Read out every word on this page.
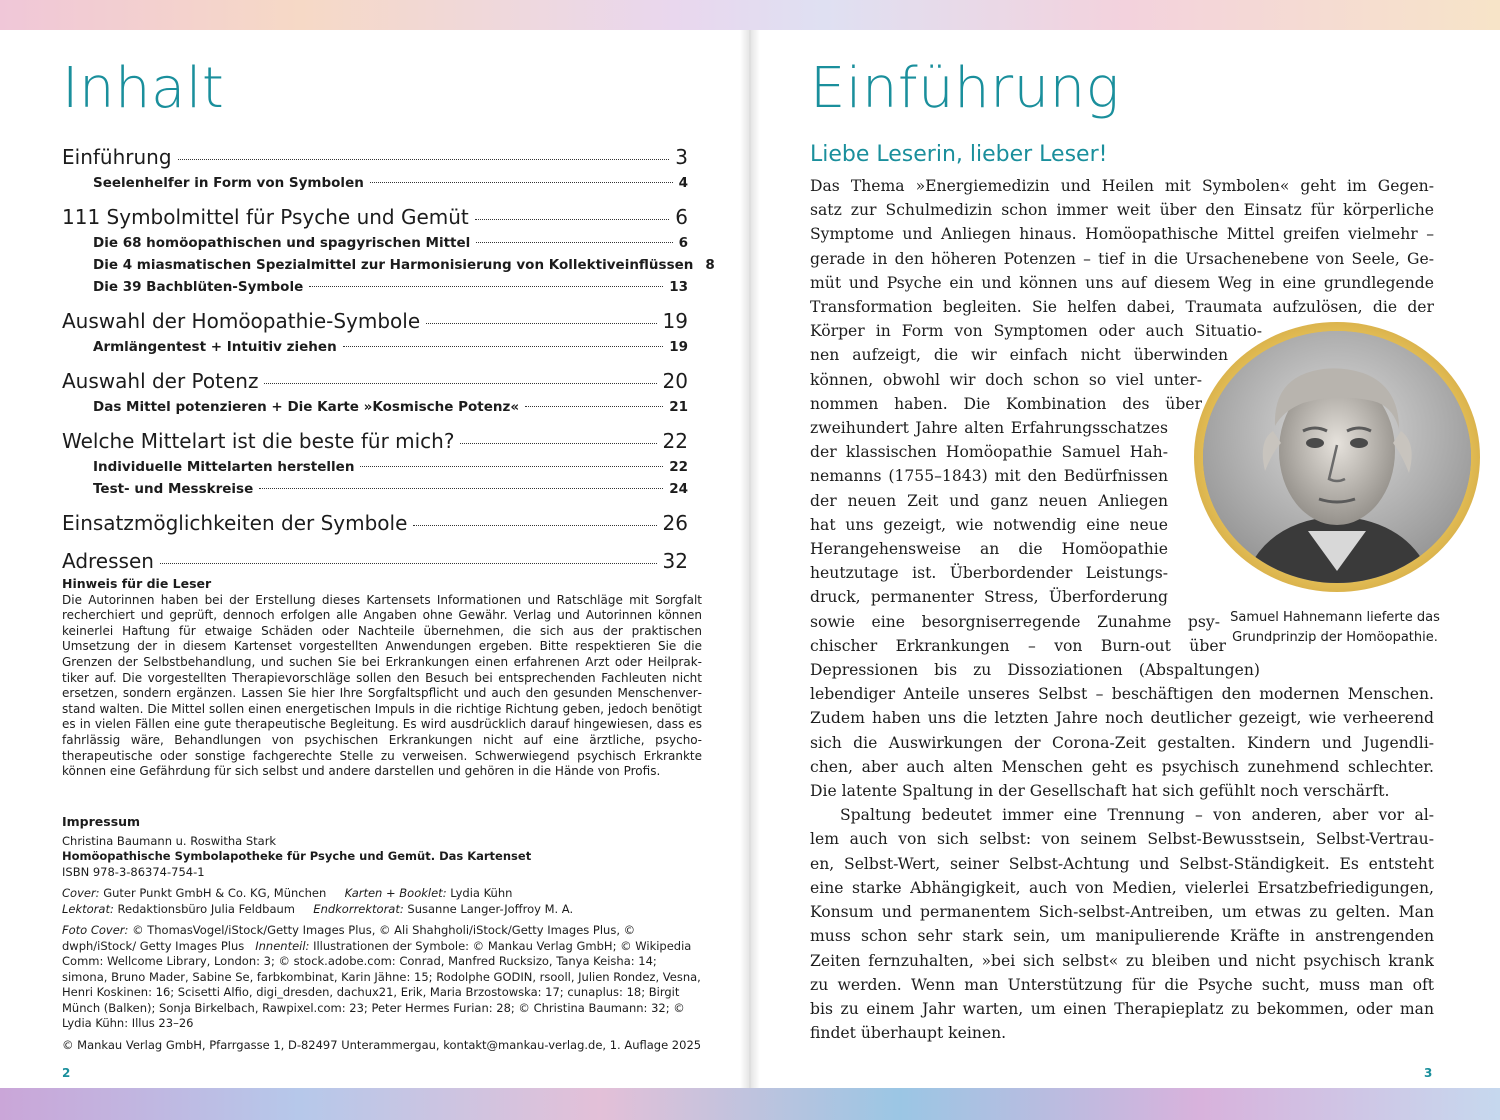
Inhalt
Einführung	3
Seelenhelfer in Form von Symbolen	4
111 Symbolmittel für Psyche und Gemüt	6
Die 68 homöopathischen und spagyrischen Mittel	6
Die 4 miasmatischen Spezialmittel zur Harmonisierung von Kollektiveinflüssen 8
Die 39 Bachblüten-Symbole	13
Auswahl der Homöopathie-Symbole	19
Armlängentest + Intuitiv ziehen	19
Auswahl der Potenz	20
Das Mittel potenzieren + Die Karte »Kosmische Potenz«	21
Welche Mittelart ist die beste für mich?	22
Individuelle Mittelarten herstellen	22
Test- und Messkreise	24
Einsatzmöglichkeiten der Symbole	26
Adressen	32
Hinweis für die Leser

Die Autorinnen haben bei der Erstellung dieses Kartensets Informationen und Ratschläge mit Sorgfalt recherchiert und geprüft, dennoch erfolgen alle Angaben ohne Gewähr. Verlag und Autorinnen können keinerlei Haftung für etwaige Schäden oder Nachteile übernehmen, die sich aus der praktischen Umsetzung der in diesem Kartenset vorgestellten Anwendungen ergeben. Bitte respektieren Sie die Grenzen der Selbstbehandlung, und suchen Sie bei Erkrankungen einen erfahrenen Arzt oder Heilpraktiker auf. Die vorgestellten Therapievorschläge sollen den Besuch bei entsprechenden Fachleuten nicht ersetzen, sondern ergänzen. Lassen Sie hier Ihre Sorgfaltspflicht und auch den gesunden Menschenverstand walten. Die Mittel sollen einen energetischen Impuls in die richtige Richtung geben, jedoch benötigt es in vielen Fällen eine gute therapeutische Begleitung. Es wird ausdrücklich darauf hingewiesen, dass es fahrlässig wäre, Behandlungen von psychischen Erkrankungen nicht auf eine ärztliche, psychotherapeutische oder sonstige fachgerechte Stelle zu verweisen. Schwerwiegend psychisch Erkrankte können eine Gefährdung für sich selbst und andere darstellen und gehören in die Hände von Profis.

Impressum
Christina Baumann u. Roswitha Stark
Homöopathische Symbolapotheke für Psyche und Gemüt. Das Kartenset
ISBN 978-3-86374-754-1
Cover: Guter Punkt GmbH & Co. KG, München Karten + Booklet: Lydia Kühn
Lektorat: Redaktionsbüro Julia Feldbaum Endkorrektorat: Susanne Langer-Joffroy M. A.
Foto Cover: © ThomasVogel/iStock/Getty Images Plus, © Ali Shahgholi/iStock/Getty Images Plus, © dwph/iStock/ Getty Images Plus Innenteil: Illustrationen der Symbole: © Mankau Verlag GmbH; © Wikipedia Comm: Wellcome Library, London: 3; © stock.adobe.com: Conrad, Manfred Rucksizo, Tanya Keisha: 14; simona, Bruno Mader, Sabine Se, farbkombinat, Karin Jähne: 15; Rodolphe GODIN, rsooll, Julien Rondez, Vesna, Henri Koskinen: 16; Scisetti Alfio, digi_dresden, dachux21, Erik, Maria Brzostowska: 17; cunaplus: 18; Birgit Münch (Balken); Sonja Birkelbach, Rawpixel.com: 23; Peter Hermes Furian: 28; © Christina Baumann: 32; © Lydia Kühn: Illus 23–26
© Mankau Verlag GmbH, Pfarrgasse 1, D-82497 Unterammergau, kontakt@mankau-verlag.de, 1. Auflage 2025
2
Einführung
Liebe Leserin, lieber Leser!
Das Thema »Energiemedizin und Heilen mit Symbolen« geht im Gegen-
satz zur Schulmedizin schon immer weit über den Einsatz für körperliche
Symptome und Anliegen hinaus. Homöopathische Mittel greifen vielmehr –
gerade in den höheren Potenzen – tief in die Ursachenebene von Seele, Ge-
müt und Psyche ein und können uns auf diesem Weg in eine grundlegende
Transformation begleiten. Sie helfen dabei, Traumata aufzulösen, die der
Körper in Form von Symptomen oder auch Situatio-
nen aufzeigt, die wir einfach nicht überwinden
können, obwohl wir doch schon so viel unter-
nommen haben. Die Kombination des über
zweihundert Jahre alten Erfahrungsschatzes
der klassischen Homöopathie Samuel Hah-
nemanns (1755–1843) mit den Bedürfnissen
der neuen Zeit und ganz neuen Anliegen
hat uns gezeigt, wie notwendig eine neue
Herangehensweise an die Homöopathie
heutzutage ist. Überbordender Leistungs-
druck, permanenter Stress, Überforderung
sowie eine besorgniserregende Zunahme psy-
chischer Erkrankungen – von Burn-out über
Depressionen bis zu Dissoziationen (Abspaltungen)
lebendiger Anteile unseres Selbst – beschäftigen den modernen Menschen.
Zudem haben uns die letzten Jahre noch deutlicher gezeigt, wie verheerend
sich die Auswirkungen der Corona-Zeit gestalten. Kindern und Jugendli-
chen, aber auch alten Menschen geht es psychisch zunehmend schlechter.
Die latente Spaltung in der Gesellschaft hat sich gefühlt noch verschärft.
Spaltung bedeutet immer eine Trennung – von anderen, aber vor al-
lem auch von sich selbst: von seinem Selbst-Bewusstsein, Selbst-Vertrau-
en, Selbst-Wert, seiner Selbst-Achtung und Selbst-Ständigkeit. Es entsteht
eine starke Abhängigkeit, auch von Medien, vielerlei Ersatzbefriedigungen,
Konsum und permanentem Sich-selbst-Antreiben, um etwas zu gelten. Man
muss schon sehr stark sein, um manipulierende Kräfte in anstrengenden
Zeiten fernzuhalten, »bei sich selbst« zu bleiben und nicht psychisch krank
zu werden. Wenn man Unterstützung für die Psyche sucht, muss man oft
bis zu einem Jahr warten, um einen Therapieplatz zu bekommen, oder man
findet überhaupt keinen.
Samuel Hahnemann lieferte das Grundprinzip der Homöopathie.
3
